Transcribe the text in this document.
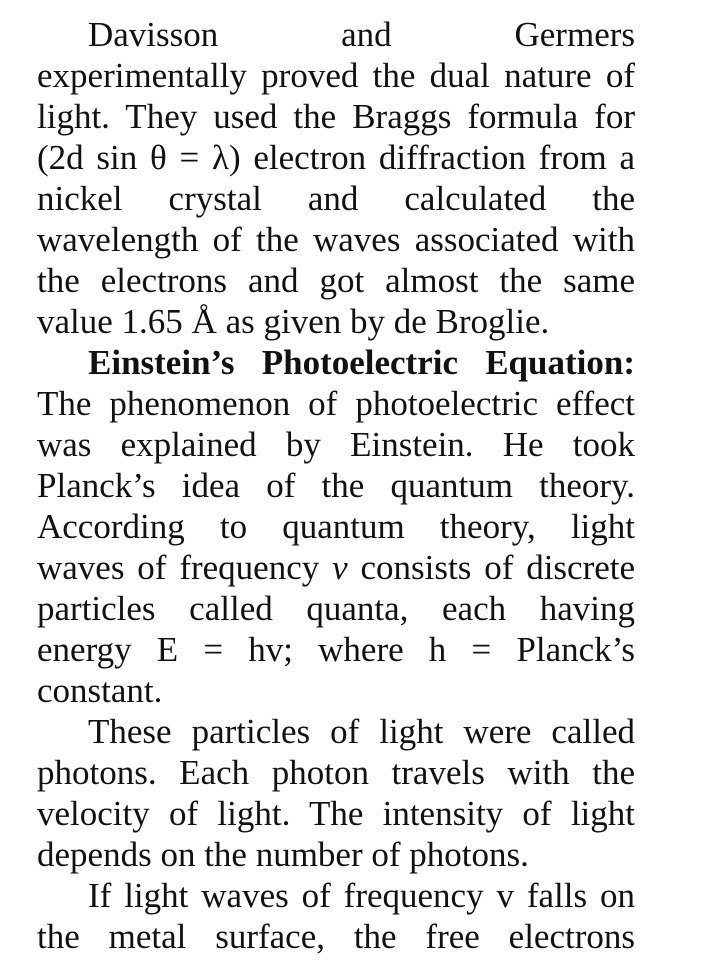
Davisson and Germers
experimentally proved the dual nature of
light. They used the Braggs formula for
(2d sin θ = λ) electron diffraction from a
nickel crystal and calculated the
wavelength of the waves associated with
the electrons and got almost the same
value 1.65 Å as given by de Broglie.
Einstein’s Photoelectric Equation:
The phenomenon of photoelectric effect
was explained by Einstein. He took
Planck’s idea of the quantum theory.
According to quantum theory, light
waves of frequency v consists of discrete
particles called quanta, each having
energy E = hv; where h = Planck’s
constant.
These particles of light were called
photons. Each photon travels with the
velocity of light. The intensity of light
depends on the number of photons.
If light waves of frequency v falls on
the metal surface, the free electrons
